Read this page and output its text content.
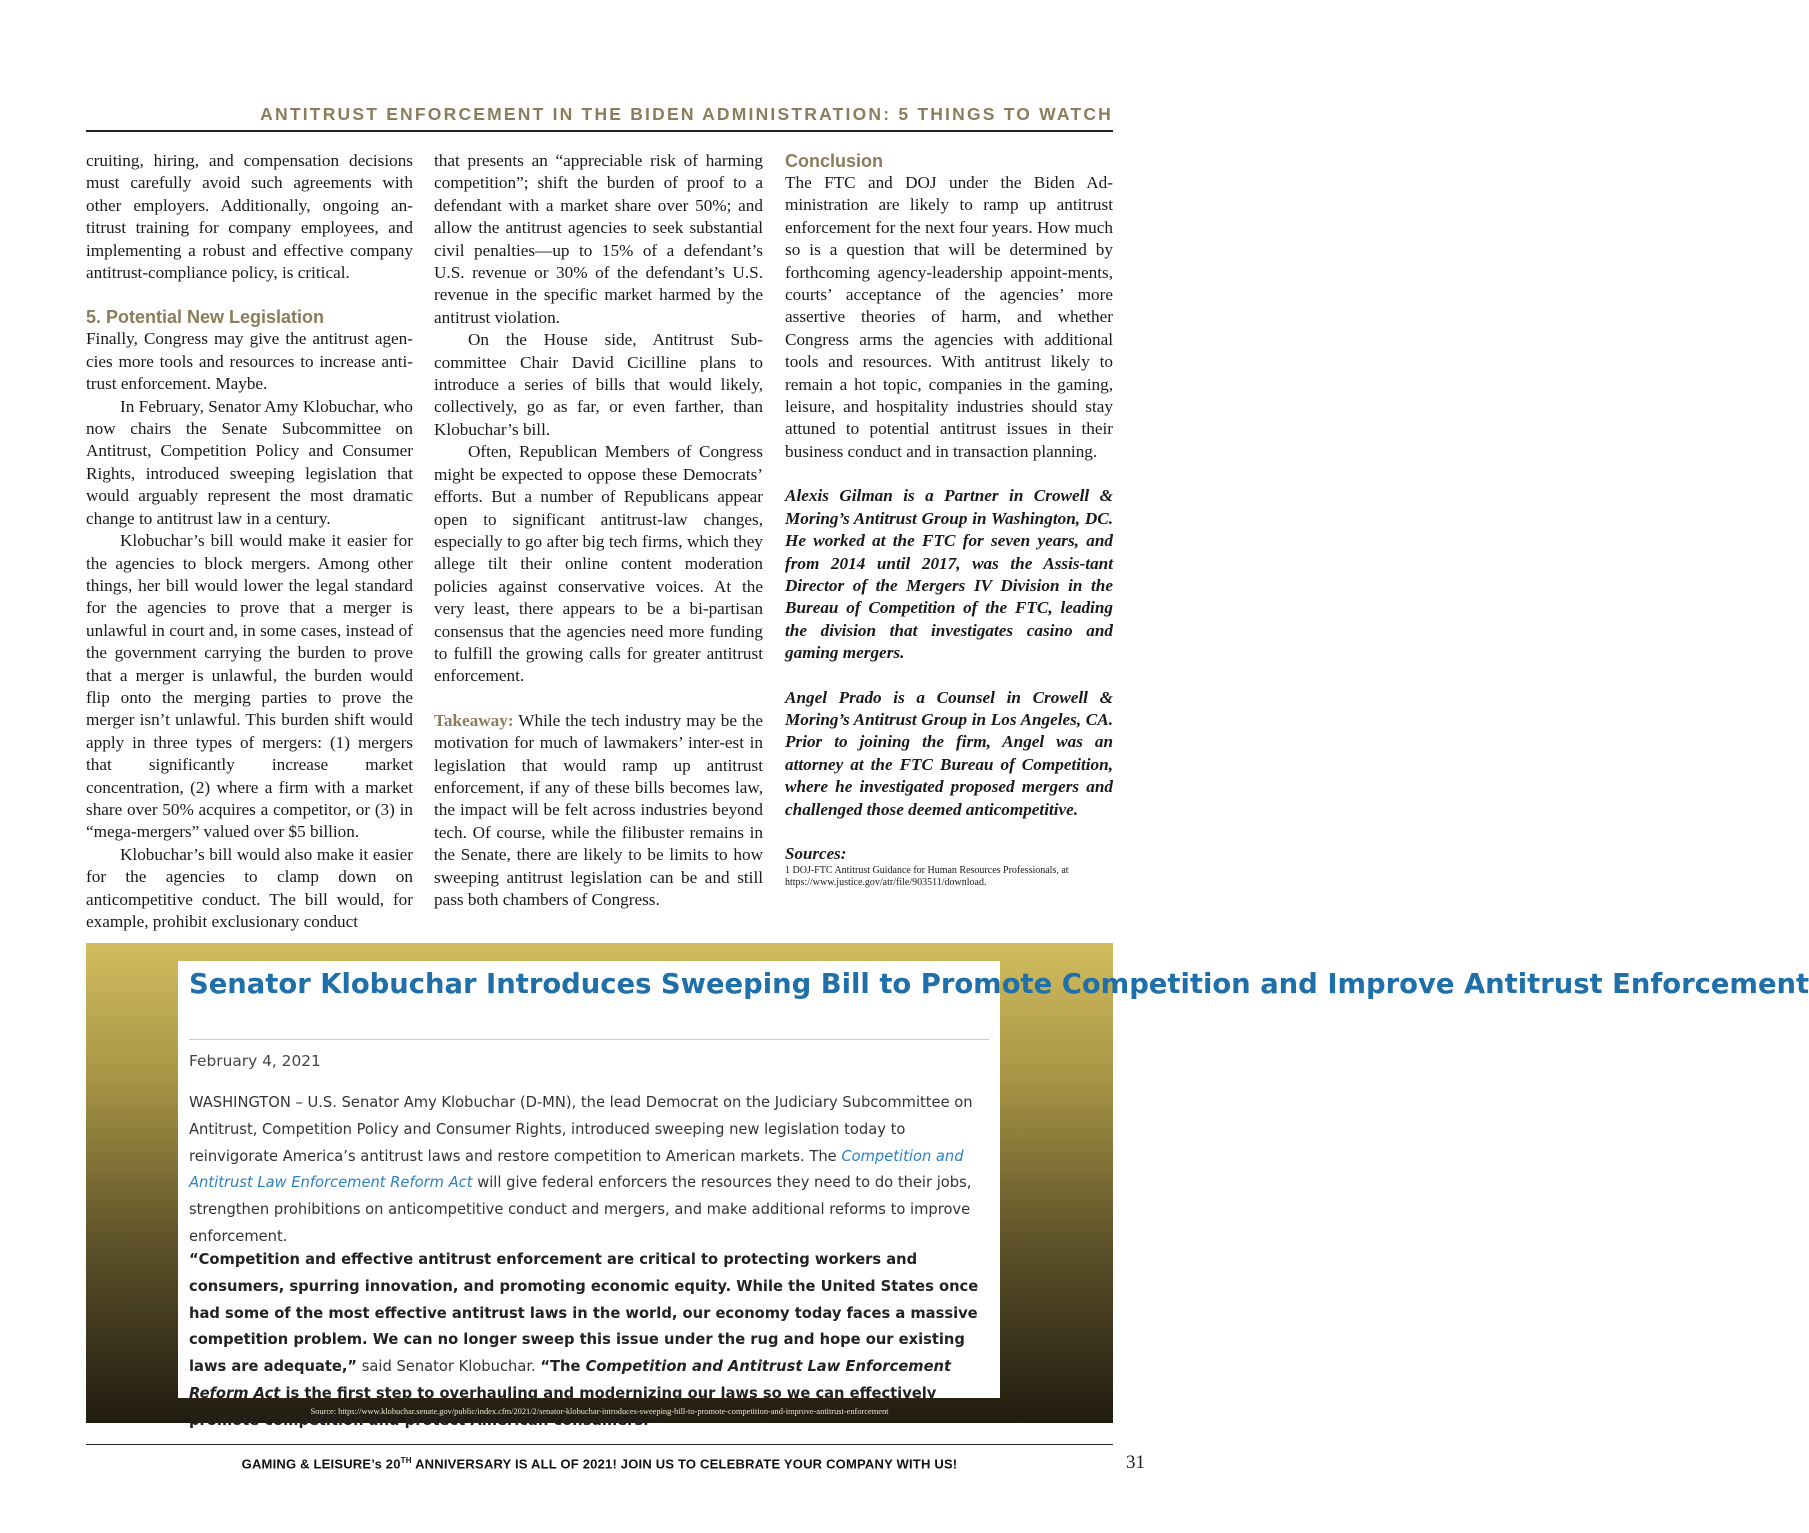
ANTITRUST ENFORCEMENT IN THE BIDEN ADMINISTRATION: 5 THINGS TO WATCH

cruiting, hiring, and compensation decisions must carefully avoid such agreements with other employers. Additionally, ongoing an-titrust training for company employees, and implementing a robust and effective company antitrust-compliance policy, is critical.

5. Potential New Legislation

Finally, Congress may give the antitrust agen-cies more tools and resources to increase anti-trust enforcement. Maybe.

In February, Senator Amy Klobuchar, who now chairs the Senate Subcommittee on Antitrust, Competition Policy and Consumer Rights, introduced sweeping legislation that would arguably represent the most dramatic change to antitrust law in a century.

Klobuchar’s bill would make it easier for the agencies to block mergers. Among other things, her bill would lower the legal standard for the agencies to prove that a merger is unlawful in court and, in some cases, instead of the government carrying the burden to prove that a merger is unlawful, the burden would flip onto the merging parties to prove the merger isn’t unlawful. This burden shift would apply in three types of mergers: (1) mergers that significantly increase market concentration, (2) where a firm with a market share over 50% acquires a competitor, or (3) in “mega-mergers” valued over $5 billion.

Klobuchar’s bill would also make it easier for the agencies to clamp down on anticompetitive conduct. The bill would, for example, prohibit exclusionary conduct

that presents an “appreciable risk of harming competition”; shift the burden of proof to a defendant with a market share over 50%; and allow the antitrust agencies to seek substantial civil penalties—up to 15% of a defendant’s U.S. revenue or 30% of the defendant’s U.S. revenue in the specific market harmed by the antitrust violation.

On the House side, Antitrust Sub-committee Chair David Cicilline plans to introduce a series of bills that would likely, collectively, go as far, or even farther, than Klobuchar’s bill.

Often, Republican Members of Congress might be expected to oppose these Democrats’ efforts. But a number of Republicans appear open to significant antitrust-law changes, especially to go after big tech firms, which they allege tilt their online content moderation policies against conservative voices. At the very least, there appears to be a bi-partisan consensus that the agencies need more funding to fulfill the growing calls for greater antitrust enforcement.

Takeaway: While the tech industry may be the motivation for much of lawmakers’ inter-est in legislation that would ramp up antitrust enforcement, if any of these bills becomes law, the impact will be felt across industries beyond tech. Of course, while the filibuster remains in the Senate, there are likely to be limits to how sweeping antitrust legislation can be and still pass both chambers of Congress.

Conclusion

The FTC and DOJ under the Biden Ad-ministration are likely to ramp up antitrust enforcement for the next four years. How much so is a question that will be determined by forthcoming agency-leadership appoint-ments, courts’ acceptance of the agencies’ more assertive theories of harm, and whether Congress arms the agencies with additional tools and resources. With antitrust likely to remain a hot topic, companies in the gaming, leisure, and hospitality industries should stay attuned to potential antitrust issues in their business conduct and in transaction planning.

Alexis Gilman is a Partner in Crowell & Moring’s Antitrust Group in Washington, DC. He worked at the FTC for seven years, and from 2014 until 2017, was the Assis-tant Director of the Mergers IV Division in the Bureau of Competition of the FTC, leading the division that investigates casino and gaming mergers.

Angel Prado is a Counsel in Crowell & Moring’s Antitrust Group in Los Angeles, CA. Prior to joining the firm, Angel was an attorney at the FTC Bureau of Competition, where he investigated proposed mergers and challenged those deemed anticompetitive.

Sources:

1 DOJ-FTC Antitrust Guidance for Human Resources Professionals, at https://www.justice.gov/atr/file/903511/download.

Senator Klobuchar Introduces Sweeping Bill to Promote Competition and Improve Antitrust Enforcement
February 4, 2021

WASHINGTON – U.S. Senator Amy Klobuchar (D-MN), the lead Democrat on the Judiciary Subcommittee on Antitrust, Competition Policy and Consumer Rights, introduced sweeping new legislation today to reinvigorate America’s antitrust laws and restore competition to American markets. The Competition and Antitrust Law Enforcement Reform Act will give federal enforcers the resources they need to do their jobs, strengthen prohibitions on anticompetitive conduct and mergers, and make additional reforms to improve enforcement.

“Competition and effective antitrust enforcement are critical to protecting workers and consumers, spurring innovation, and promoting economic equity. While the United States once had some of the most effective antitrust laws in the world, our economy today faces a massive competition problem. We can no longer sweep this issue under the rug and hope our existing laws are adequate,” said Senator Klobuchar. “The Competition and Antitrust Law Enforcement Reform Act is the first step to overhauling and modernizing our laws so we can effectively promote competition and protect American consumers.”

Source: https://www.klobuchar.senate.gov/public/index.cfm/2021/2/senator-klobuchar-introduces-sweeping-bill-to-promote-competition-and-improve-antitrust-enforcement
GAMING & LEISURE’s 20TH ANNIVERSARY IS ALL OF 2021! JOIN US TO CELEBRATE YOUR COMPANY WITH US!	31
